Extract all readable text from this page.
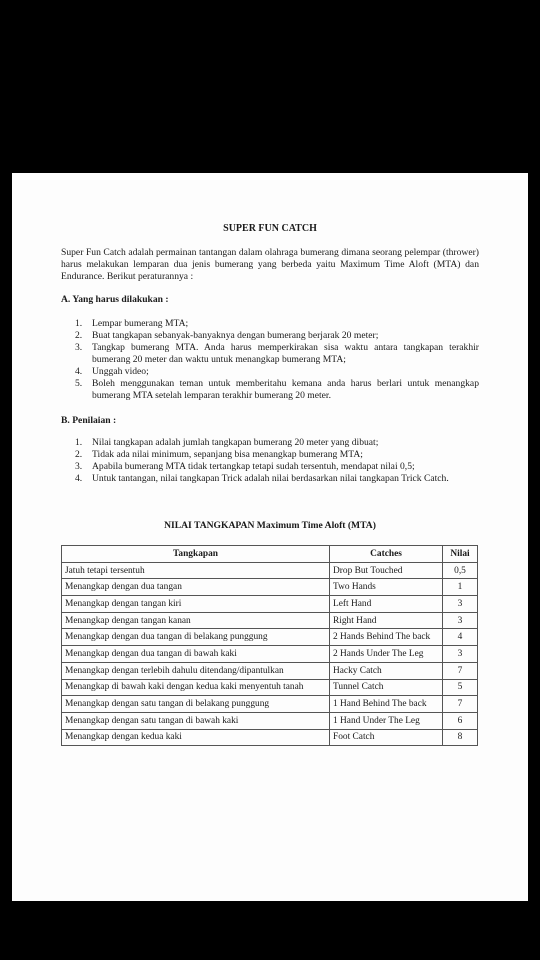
SUPER FUN CATCH
Super Fun Catch adalah permainan tantangan dalam olahraga bumerang dimana seorang pelempar (thrower) harus melakukan lemparan dua jenis bumerang yang berbeda yaitu Maximum Time Aloft (MTA) dan Endurance. Berikut peraturannya :
A. Yang harus dilakukan :
1. Lempar bumerang MTA;
2. Buat tangkapan sebanyak-banyaknya dengan bumerang berjarak 20 meter;
3. Tangkap bumerang MTA. Anda harus memperkirakan sisa waktu antara tangkapan terakhir bumerang 20 meter dan waktu untuk menangkap bumerang MTA;
4. Unggah video;
5. Boleh menggunakan teman untuk memberitahu kemana anda harus berlari untuk menangkap bumerang MTA setelah lemparan terakhir bumerang 20 meter.
B. Penilaian :
1. Nilai tangkapan adalah jumlah tangkapan bumerang 20 meter yang dibuat;
2. Tidak ada nilai minimum, sepanjang bisa menangkap bumerang MTA;
3. Apabila bumerang MTA tidak tertangkap tetapi sudah tersentuh, mendapat nilai 0,5;
4. Untuk tantangan, nilai tangkapan Trick adalah nilai berdasarkan nilai tangkapan Trick Catch.
NILAI TANGKAPAN Maximum Time Aloft (MTA)
Tangkapan	Catches	Nilai
Jatuh tetapi tersentuh	Drop But Touched	0,5
Menangkap dengan dua tangan	Two Hands	1
Menangkap dengan tangan kiri	Left Hand	3
Menangkap dengan tangan kanan	Right Hand	3
Menangkap dengan dua tangan di belakang punggung	2 Hands Behind The back	4
Menangkap dengan dua tangan di bawah kaki	2 Hands Under The Leg	3
Menangkap dengan terlebih dahulu ditendang/dipantulkan	Hacky Catch	7
Menangkap di bawah kaki dengan kedua kaki menyentuh tanah	Tunnel Catch	5
Menangkap dengan satu tangan di belakang punggung	1 Hand Behind The back	7
Menangkap dengan satu tangan di bawah kaki	1 Hand Under The Leg	6
Menangkap dengan kedua kaki	Foot Catch	8
